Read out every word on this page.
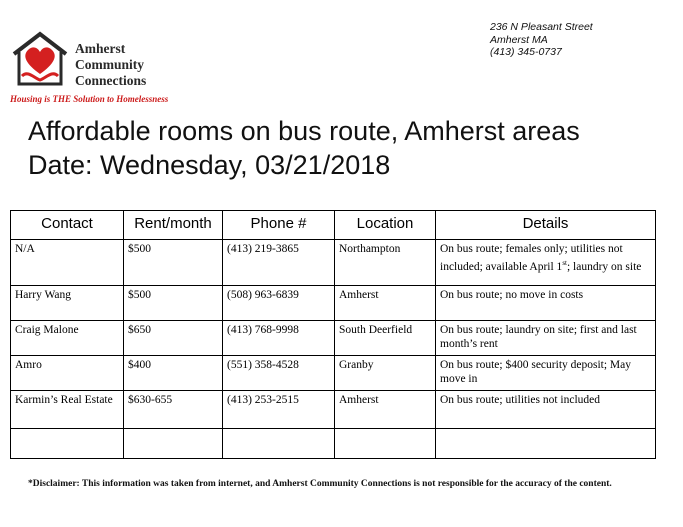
Amherst
Community
Connections
Housing is THE Solution to Homelessness
236 N Pleasant Street
Amherst MA
(413) 345-0737
Affordable rooms on bus route, Amherst areas
Date: Wednesday, 03/21/2018
Contact	Rent/month	Phone #	Location	Details
N/A	$500	(413) 219-3865	Northampton	On bus route; females only; utilities not included; available April 1st; laundry on site
Harry Wang	$500	(508) 963-6839	Amherst	On bus route; no move in costs
Craig Malone	$650	(413) 768-9998	South Deerfield	On bus route; laundry on site; first and last month’s rent
Amro	$400	(551) 358-4528	Granby	On bus route; $400 security deposit; May move in
Karmin’s Real Estate	$630-655	(413) 253-2515	Amherst	On bus route; utilities not included

*Disclaimer: This information was taken from internet, and Amherst Community Connections is not responsible for the accuracy of the content.
